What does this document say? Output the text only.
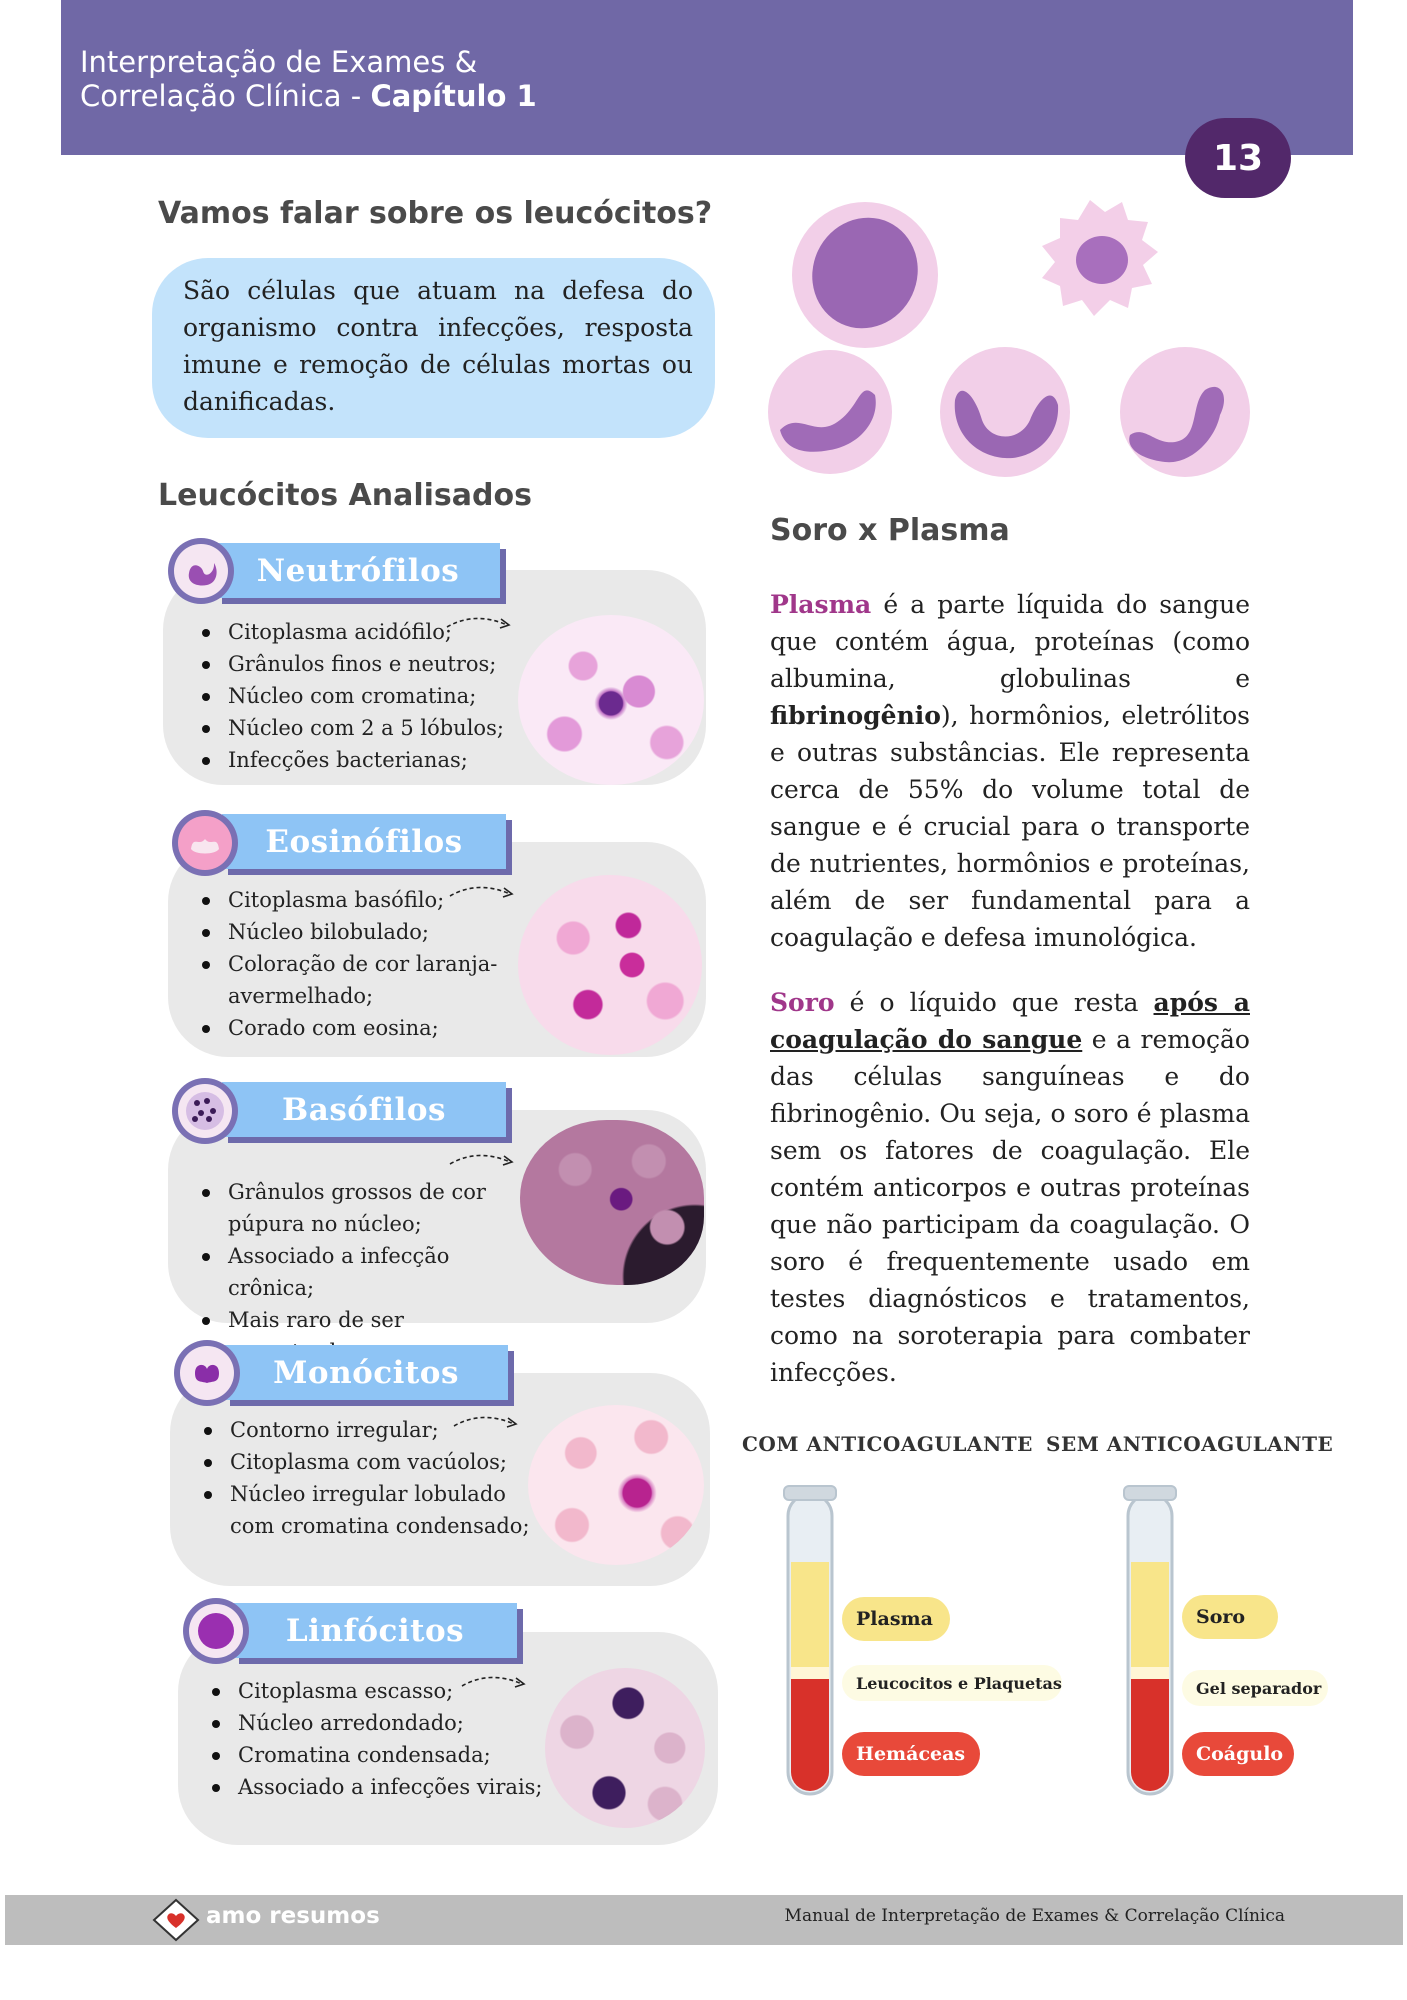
Interpretação de Exames &
Correlação Clínica - Capítulo 1
13
Vamos falar sobre os leucócitos?
São células que atuam na defesa do organismo contra infecções, resposta imune e remoção de células mortas ou danificadas.
Leucócitos Analisados
Neutrófilos
Citoplasma acidófilo;
Grânulos finos e neutros;
Núcleo com cromatina;
Núcleo com 2 a 5 lóbulos;
Infecções bacterianas;
Eosinófilos
Citoplasma basófilo;
Núcleo bilobulado;
Coloração de cor laranja-avermelhado;
Corado com eosina;
Basófilos
Grânulos grossos de cor púpura no núcleo;
Associado a infecção crônica;
Mais raro de ser
Monócitos
Contorno irregular;
Citoplasma com vacúolos;
Núcleo irregular lobulado com cromatina condensado;
Linfócitos
Citoplasma escasso;
Núcleo arredondado;
Cromatina condensada;
Associado a infecções virais;
Soro x Plasma

Plasma é a parte líquida do sangue que contém água, proteínas (como albumina, globulinas e fibrinogênio), hormônios, eletrólitos e outras substâncias. Ele representa cerca de 55% do volume total de sangue e é crucial para o transporte de nutrientes, hormônios e proteínas, além de ser fundamental para a coagulação e defesa imunológica.

Soro é o líquido que resta após a coagulação do sangue e a remoção das células sanguíneas e do fibrinogênio. Ou seja, o soro é plasma sem os fatores de coagulação. Ele contém anticorpos e outras proteínas que não participam da coagulação. O soro é frequentemente usado em testes diagnósticos e tratamentos, como na soroterapia para combater infecções.

COM ANTICOAGULANTE SEM ANTICOAGULANTE
Plasma
Leucocitos e Plaquetas
Hemáceas
Soro
Gel separador
Coágulo
amo resumos	Manual de Interpretação de Exames & Correlação Clínica
